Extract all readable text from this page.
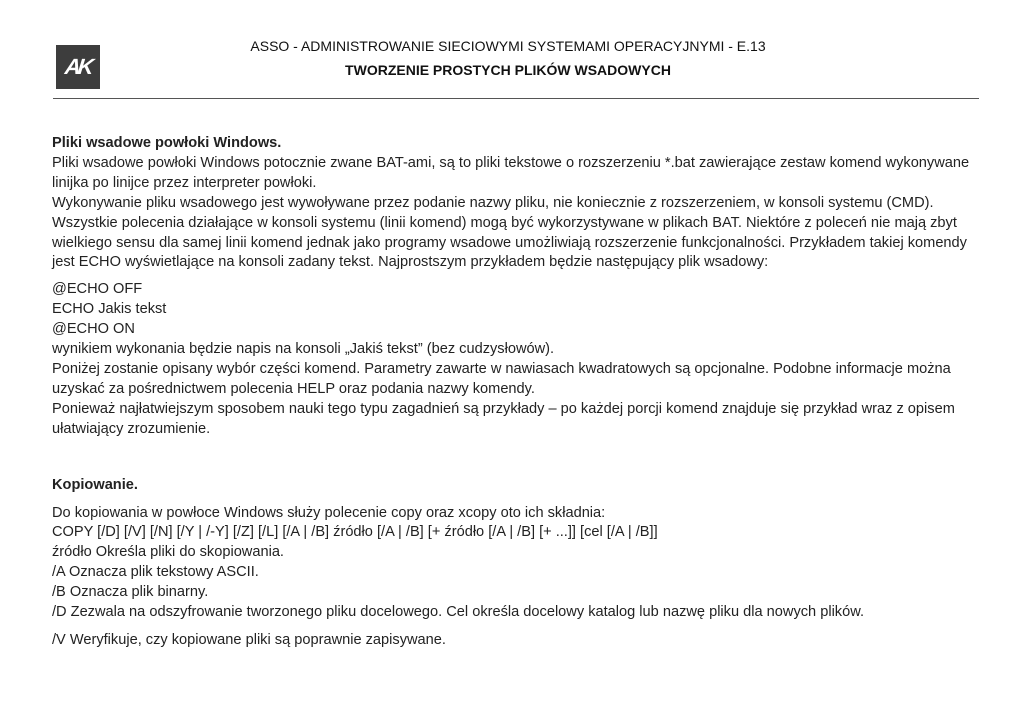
AK
ASSO - ADMINISTROWANIE SIECIOWYMI SYSTEMAMI OPERACYJNYMI - E.13
TWORZENIE PROSTYCH PLIKÓW WSADOWYCH

Pliki wsadowe powłoki Windows.

Pliki wsadowe powłoki Windows potocznie zwane BAT-ami, są to pliki tekstowe o rozszerzeniu *.bat zawierające zestaw komend wykonywane linijka po linijce przez interpreter powłoki.

Wykonywanie pliku wsadowego jest wywoływane przez podanie nazwy pliku, nie koniecznie z rozszerzeniem, w konsoli systemu (CMD).

Wszystkie polecenia działające w konsoli systemu (linii komend) mogą być wykorzystywane w plikach BAT. Niektóre z poleceń nie mają zbyt wielkiego sensu dla samej linii komend jednak jako programy wsadowe umożliwiają rozszerzenie funkcjonalności. Przykładem takiej komendy jest ECHO wyświetlające na konsoli zadany tekst. Najprostszym przykładem będzie następujący plik wsadowy:

@ECHO OFF

ECHO Jakis tekst

@ECHO ON

wynikiem wykonania będzie napis na konsoli „Jakiś tekst” (bez cudzysłowów).

Poniżej zostanie opisany wybór części komend. Parametry zawarte w nawiasach kwadratowych są opcjonalne. Podobne informacje można uzyskać za pośrednictwem polecenia HELP oraz podania nazwy komendy.

Ponieważ najłatwiejszym sposobem nauki tego typu zagadnień są przykłady – po każdej porcji komend znajduje się przykład wraz z opisem ułatwiający zrozumienie.

Kopiowanie.

Do kopiowania w powłoce Windows służy polecenie copy oraz xcopy oto ich składnia:

COPY [/D] [/V] [/N] [/Y | /-Y] [/Z] [/L] [/A | /B] źródło [/A | /B] [+ źródło [/A | /B] [+ ...]] [cel [/A | /B]]

źródło Określa pliki do skopiowania.

/A Oznacza plik tekstowy ASCII.

/B Oznacza plik binarny.

/D Zezwala na odszyfrowanie tworzonego pliku docelowego. Cel określa docelowy katalog lub nazwę pliku dla nowych plików.

/V Weryfikuje, czy kopiowane pliki są poprawnie zapisywane.
